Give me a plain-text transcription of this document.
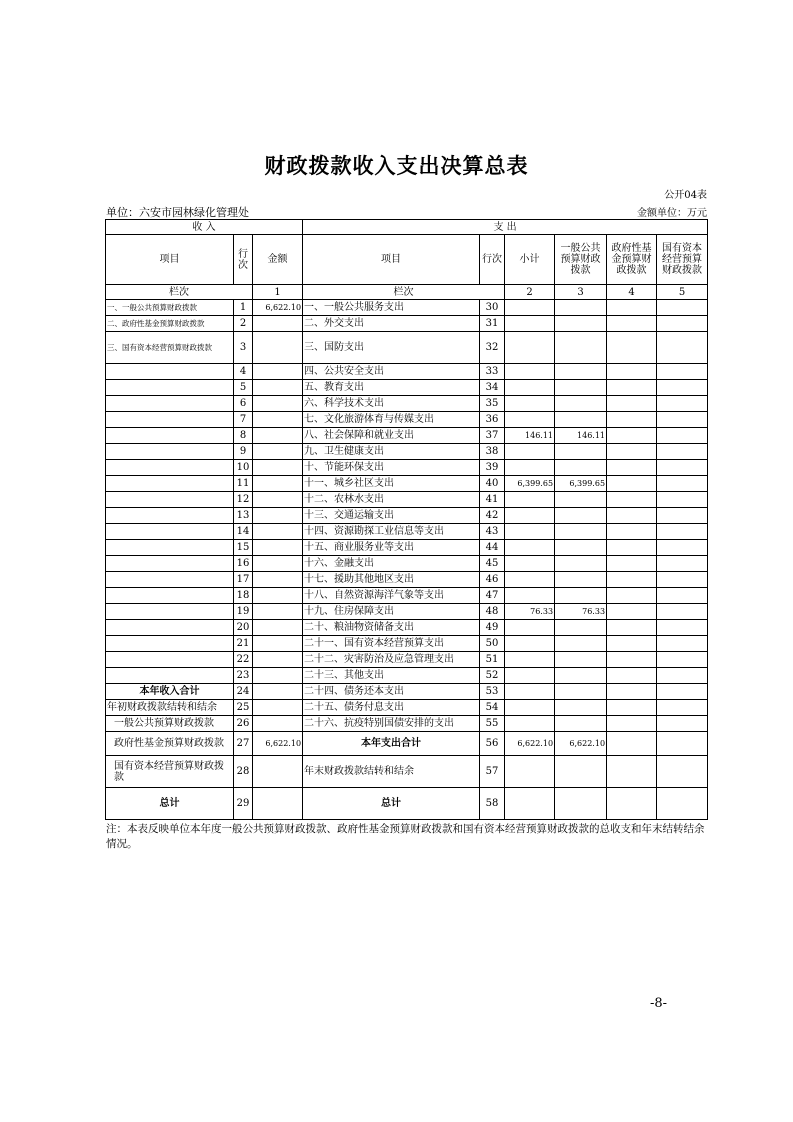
财政拨款收入支出决算总表
公开04表
单位：六安市园林绿化管理处	金额单位：万元
收 入			支 出					
项目	行次	金额	项目	行次	小计	一般公共预算财政拨款	政府性基金预算财政拨款	国有资本经营预算财政拨款
栏次		1	栏次		2	3	4	5
一、一般公共预算财政拨款	1	6,622.10	一、一般公共服务支出	30				
二、政府性基金预算财政拨款	2		二、外交支出	31				
三、国有资本经营预算财政拨款	3		三、国防支出	32				
	4		四、公共安全支出	33				
	5		五、教育支出	34				
	6		六、科学技术支出	35				
	7		七、文化旅游体育与传媒支出	36				
	8		八、社会保障和就业支出	37	146.11	146.11		
	9		九、卫生健康支出	38				
	10		十、节能环保支出	39				
	11		十一、城乡社区支出	40	6,399.65	6,399.65		
	12		十二、农林水支出	41				
	13		十三、交通运输支出	42				
	14		十四、资源勘探工业信息等支出	43				
	15		十五、商业服务业等支出	44				
	16		十六、金融支出	45				
	17		十七、援助其他地区支出	46				
	18		十八、自然资源海洋气象等支出	47				
	19		十九、住房保障支出	48	76.33	76.33		
	20		二十、粮油物资储备支出	49				
	21		二十一、国有资本经营预算支出	50				
	22		二十二、灾害防治及应急管理支出	51				
	23		二十三、其他支出	52				
本年收入合计	24		二十四、债务还本支出	53				
年初财政拨款结转和结余	25		二十五、债务付息支出	54				
一般公共预算财政拨款	26		二十六、抗疫特别国债安排的支出	55				
政府性基金预算财政拨款	27	6,622.10	本年支出合计	56	6,622.10	6,622.10		
国有资本经营预算财政拨款	28		年末财政拨款结转和结余	57				
总计	29		总计	58				
注：本表反映单位本年度一般公共预算财政拨款、政府性基金预算财政拨款和国有资本经营预算财政拨款的总收支和年末结转结余情况。
-8-
